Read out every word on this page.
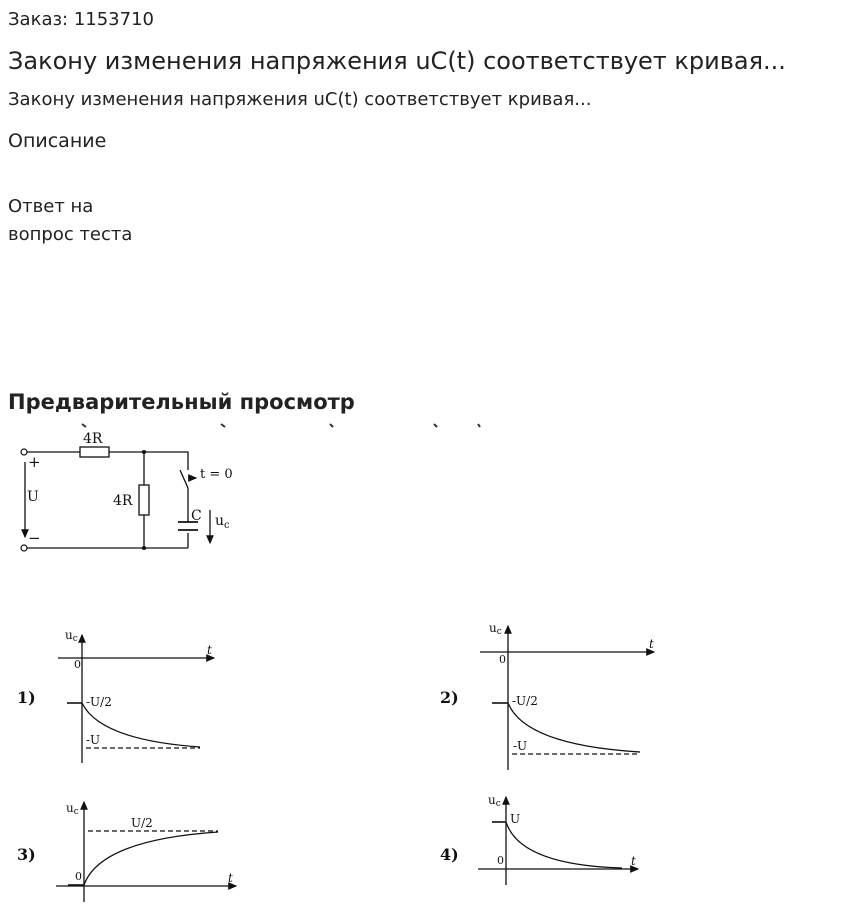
Заказ: 1153710
Закону изменения напряжения uC(t) соответствует кривая...
Закону изменения напряжения uC(t) соответствует кривая...
Описание
Ответ на
вопрос теста
Предварительный просмотр
4R
4R
U
+
−
t = 0
C $u_c$
1)
uc
t
0
-U/2
-U
2)
uc
t
0
-U/2
-U
3)
uc
t
0
U/2
4)
uc
t
0
U
